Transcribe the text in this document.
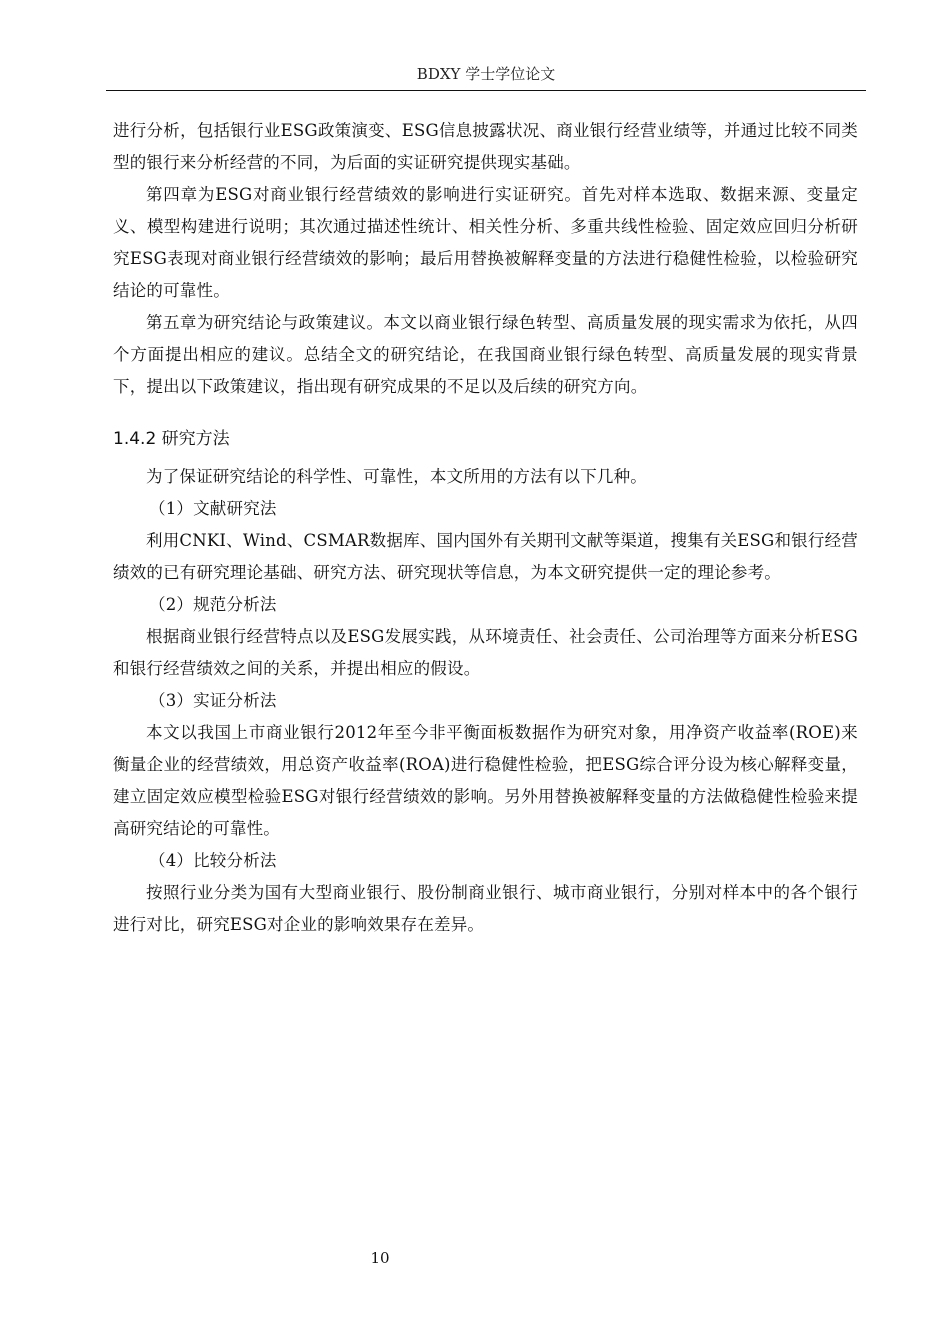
BDXY 学士学位论文

进行分析，包括银行业ESG政策演变、ESG信息披露状况、商业银行经营业绩等，并通过比较不同类型的银行来分析经营的不同，为后面的实证研究提供现实基础。

第四章为ESG对商业银行经营绩效的影响进行实证研究。首先对样本选取、数据来源、变量定义、模型构建进行说明；其次通过描述性统计、相关性分析、多重共线性检验、固定效应回归分析研究ESG表现对商业银行经营绩效的影响；最后用替换被解释变量的方法进行稳健性检验，以检验研究结论的可靠性。

第五章为研究结论与政策建议。本文以商业银行绿色转型、高质量发展的现实需求为依托，从四个方面提出相应的建议。总结全文的研究结论，在我国商业银行绿色转型、高质量发展的现实背景下，提出以下政策建议，指出现有研究成果的不足以及后续的研究方向。

1.4.2 研究方法

为了保证研究结论的科学性、可靠性，本文所用的方法有以下几种。

（1）文献研究法

利用CNKI、Wind、CSMAR数据库、国内国外有关期刊文献等渠道，搜集有关ESG和银行经营绩效的已有研究理论基础、研究方法、研究现状等信息，为本文研究提供一定的理论参考。

（2）规范分析法

根据商业银行经营特点以及ESG发展实践，从环境责任、社会责任、公司治理等方面来分析ESG和银行经营绩效之间的关系，并提出相应的假设。

（3）实证分析法

本文以我国上市商业银行2012年至今非平衡面板数据作为研究对象，用净资产收益率(ROE)来衡量企业的经营绩效，用总资产收益率(ROA)进行稳健性检验，把ESG综合评分设为核心解释变量，建立固定效应模型检验ESG对银行经营绩效的影响。另外用替换被解释变量的方法做稳健性检验来提高研究结论的可靠性。

（4）比较分析法

按照行业分类为国有大型商业银行、股份制商业银行、城市商业银行，分别对样本中的各个银行进行对比，研究ESG对企业的影响效果存在差异。

10
